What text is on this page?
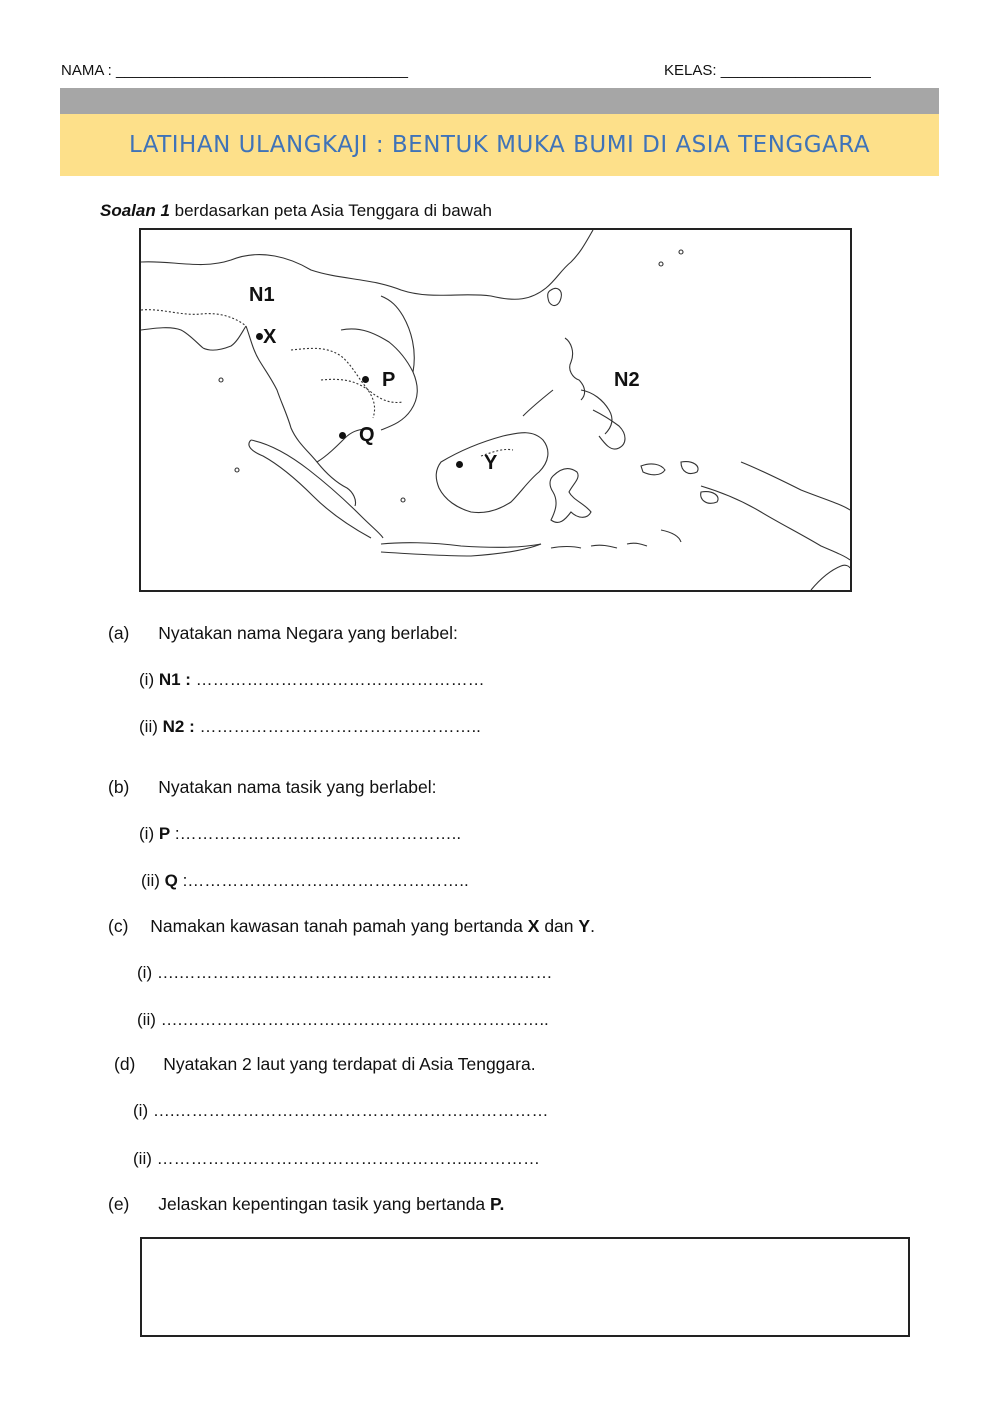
NAMA : ___________________________________	KELAS: __________________
LATIHAN ULANGKAJI : BENTUK MUKA BUMI DI ASIA TENGGARA
Soalan 1 berdasarkan peta Asia Tenggara di bawah
N1
X
P	N2
Q
Y
(a) Nyatakan nama Negara yang berlabel:
(i) N1 : ……………………………………………
(ii) N2 : …………………………………………..
(b) Nyatakan nama tasik yang berlabel:
(i) P :…………………………………………..
(ii) Q :…………………………………………..
(c) Namakan kawasan tanah pamah yang bertanda X dan Y.
(i) ….…………………………………………………………
(ii) ….………………………………………………………..
(d) Nyatakan 2 laut yang terdapat di Asia Tenggara.
(i) ….…………………………………………………………
(ii) ………………………………………………..…………
(e) Jelaskan kepentingan tasik yang bertanda P.
